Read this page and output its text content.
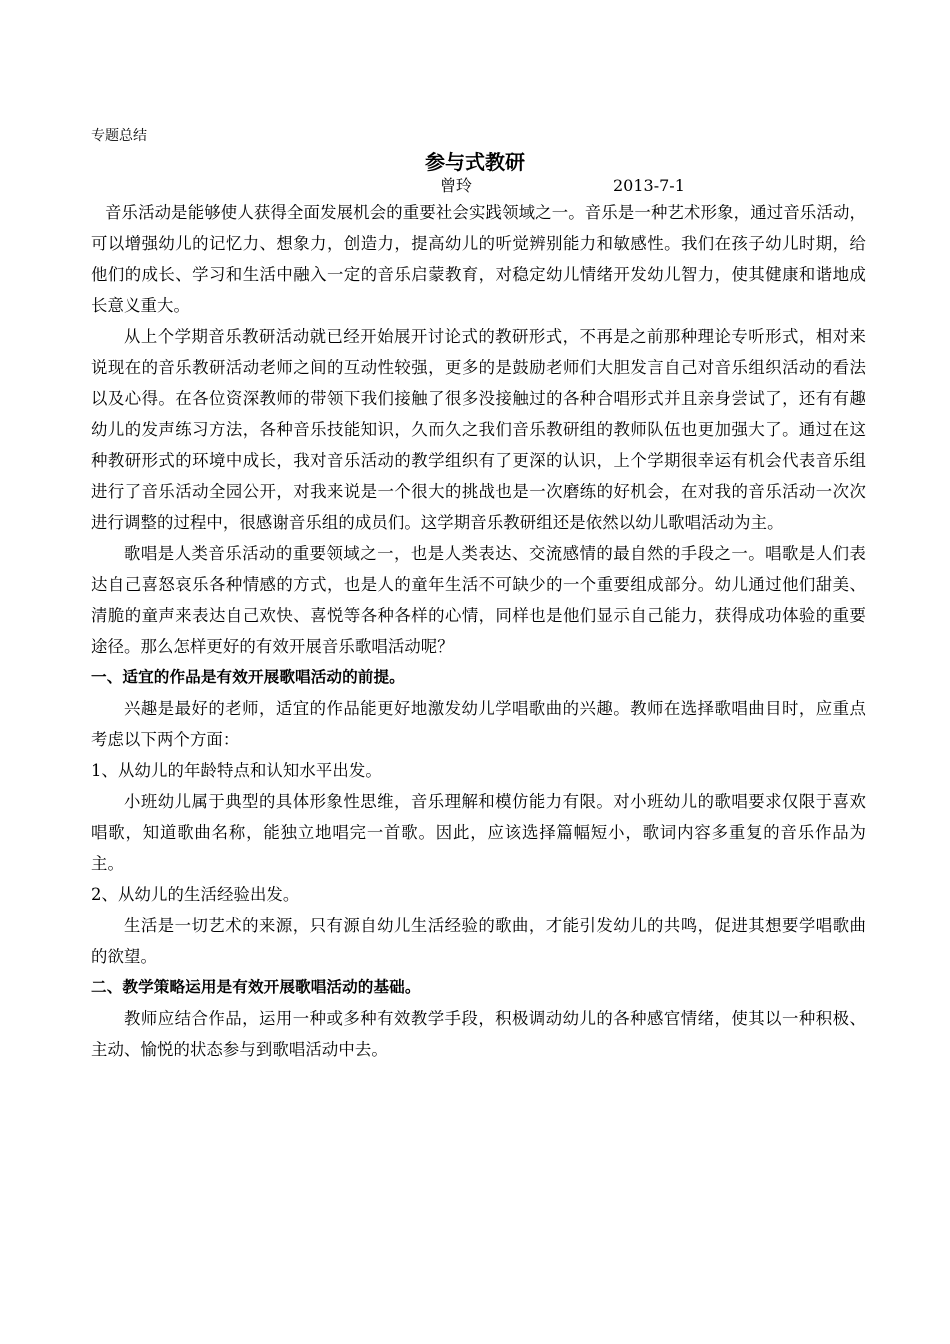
专题总结
参与式教研
曾玲	2013-7-1

音乐活动是能够使人获得全面发展机会的重要社会实践领域之一。音乐是一种艺术形象，通过音乐活动，可以增强幼儿的记忆力、想象力，创造力，提高幼儿的听觉辨别能力和敏感性。我们在孩子幼儿时期，给他们的成长、学习和生活中融入一定的音乐启蒙教育，对稳定幼儿情绪开发幼儿智力，使其健康和谐地成长意义重大。

从上个学期音乐教研活动就已经开始展开讨论式的教研形式，不再是之前那种理论专听形式，相对来说现在的音乐教研活动老师之间的互动性较强，更多的是鼓励老师们大胆发言自己对音乐组织活动的看法以及心得。在各位资深教师的带领下我们接触了很多没接触过的各种合唱形式并且亲身尝试了，还有有趣幼儿的发声练习方法，各种音乐技能知识，久而久之我们音乐教研组的教师队伍也更加强大了。通过在这种教研形式的环境中成长，我对音乐活动的教学组织有了更深的认识，上个学期很幸运有机会代表音乐组进行了音乐活动全园公开，对我来说是一个很大的挑战也是一次磨练的好机会，在对我的音乐活动一次次进行调整的过程中，很感谢音乐组的成员们。这学期音乐教研组还是依然以幼儿歌唱活动为主。

歌唱是人类音乐活动的重要领域之一，也是人类表达、交流感情的最自然的手段之一。唱歌是人们表达自己喜怒哀乐各种情感的方式，也是人的童年生活不可缺少的一个重要组成部分。幼儿通过他们甜美、清脆的童声来表达自己欢快、喜悦等各种各样的心情，同样也是他们显示自己能力，获得成功体验的重要途径。那么怎样更好的有效开展音乐歌唱活动呢？

一、适宜的作品是有效开展歌唱活动的前提。

兴趣是最好的老师，适宜的作品能更好地激发幼儿学唱歌曲的兴趣。教师在选择歌唱曲目时，应重点考虑以下两个方面：

1、从幼儿的年龄特点和认知水平出发。

小班幼儿属于典型的具体形象性思维，音乐理解和模仿能力有限。对小班幼儿的歌唱要求仅限于喜欢唱歌，知道歌曲名称，能独立地唱完一首歌。因此，应该选择篇幅短小，歌词内容多重复的音乐作品为主。

2、从幼儿的生活经验出发。

生活是一切艺术的来源，只有源自幼儿生活经验的歌曲，才能引发幼儿的共鸣，促进其想要学唱歌曲的欲望。

二、教学策略运用是有效开展歌唱活动的基础。

教师应结合作品，运用一种或多种有效教学手段，积极调动幼儿的各种感官情绪，使其以一种积极、主动、愉悦的状态参与到歌唱活动中去。
